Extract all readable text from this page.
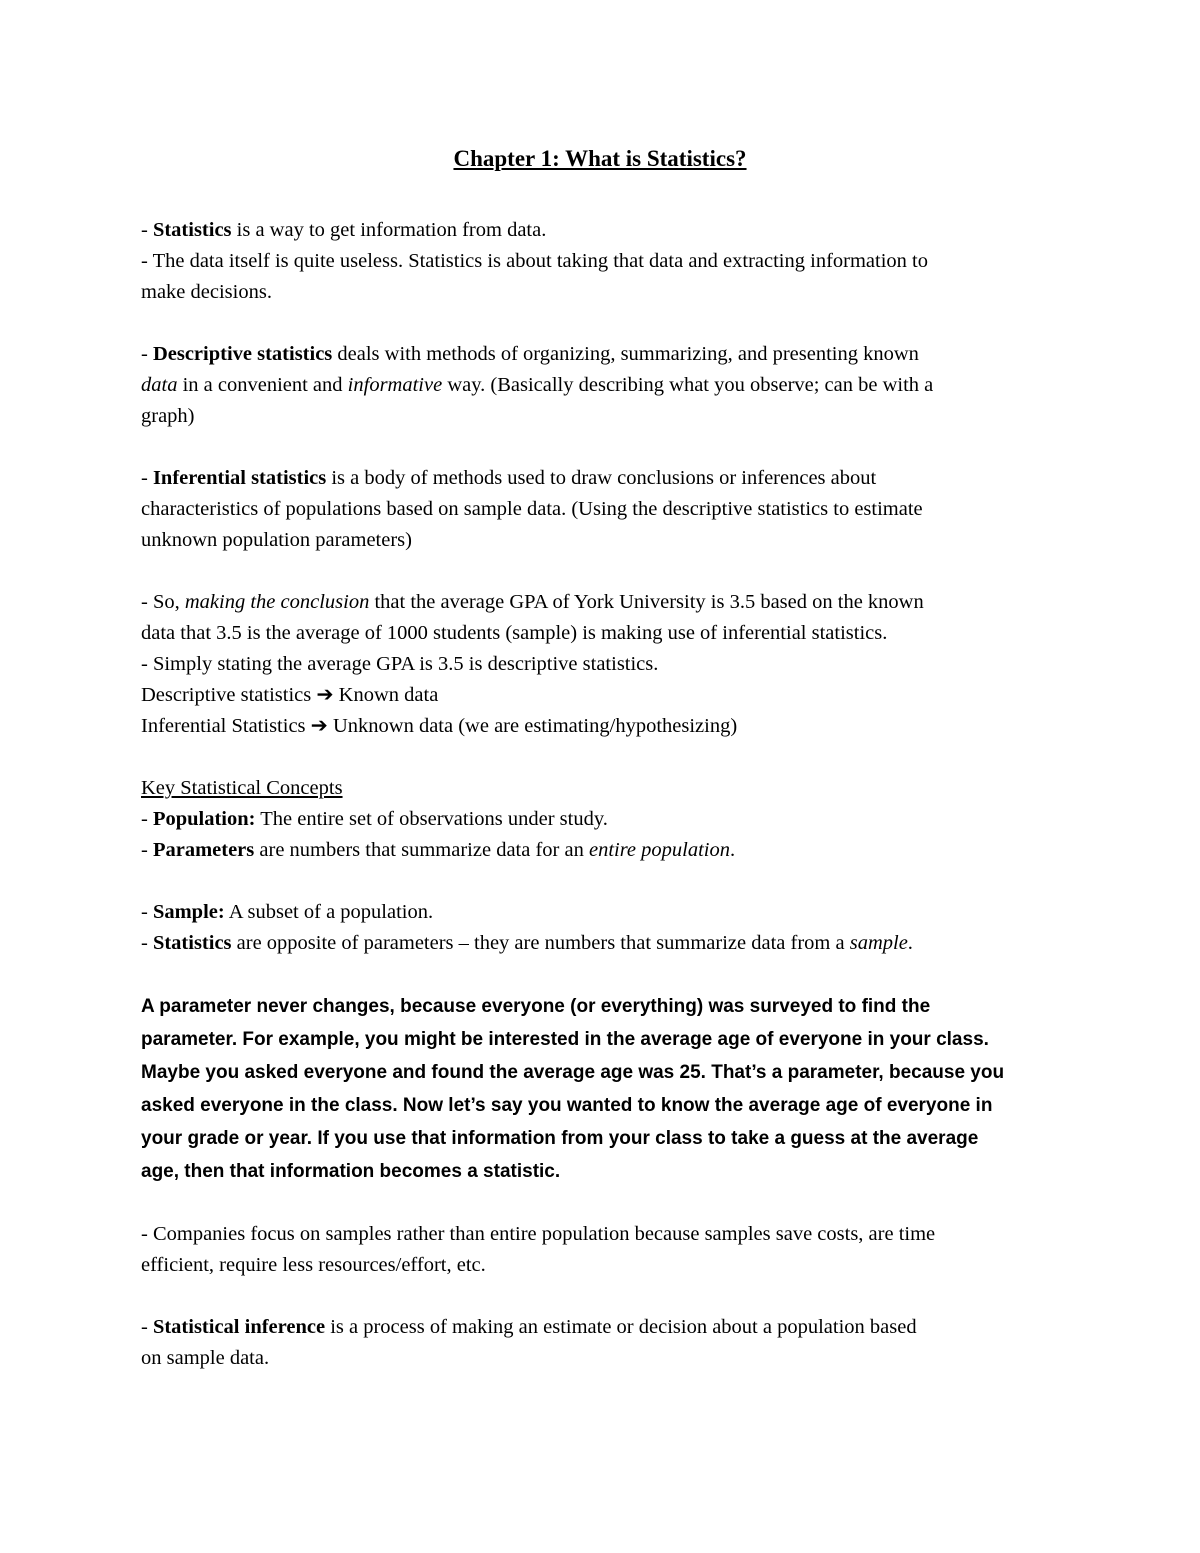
Chapter 1: What is Statistics?
- Statistics is a way to get information from data.
- The data itself is quite useless. Statistics is about taking that data and extracting information to
make decisions.
- Descriptive statistics deals with methods of organizing, summarizing, and presenting known
data in a convenient and informative way. (Basically describing what you observe; can be with a
graph)
- Inferential statistics is a body of methods used to draw conclusions or inferences about
characteristics of populations based on sample data. (Using the descriptive statistics to estimate
unknown population parameters)
- So, making the conclusion that the average GPA of York University is 3.5 based on the known
data that 3.5 is the average of 1000 students (sample) is making use of inferential statistics.
- Simply stating the average GPA is 3.5 is descriptive statistics.
Descriptive statistics ➔ Known data
Inferential Statistics ➔ Unknown data (we are estimating/hypothesizing)
Key Statistical Concepts
- Population: The entire set of observations under study.
- Parameters are numbers that summarize data for an entire population.
- Sample: A subset of a population.
- Statistics are opposite of parameters – they are numbers that summarize data from a sample.
A parameter never changes, because everyone (or everything) was surveyed to find the
parameter. For example, you might be interested in the average age of everyone in your class.
Maybe you asked everyone and found the average age was 25. That’s a parameter, because you
asked everyone in the class. Now let’s say you wanted to know the average age of everyone in
your grade or year. If you use that information from your class to take a guess at the average
age, then that information becomes a statistic.
- Companies focus on samples rather than entire population because samples save costs, are time
efficient, require less resources/effort, etc.
- Statistical inference is a process of making an estimate or decision about a population based
on sample data.
